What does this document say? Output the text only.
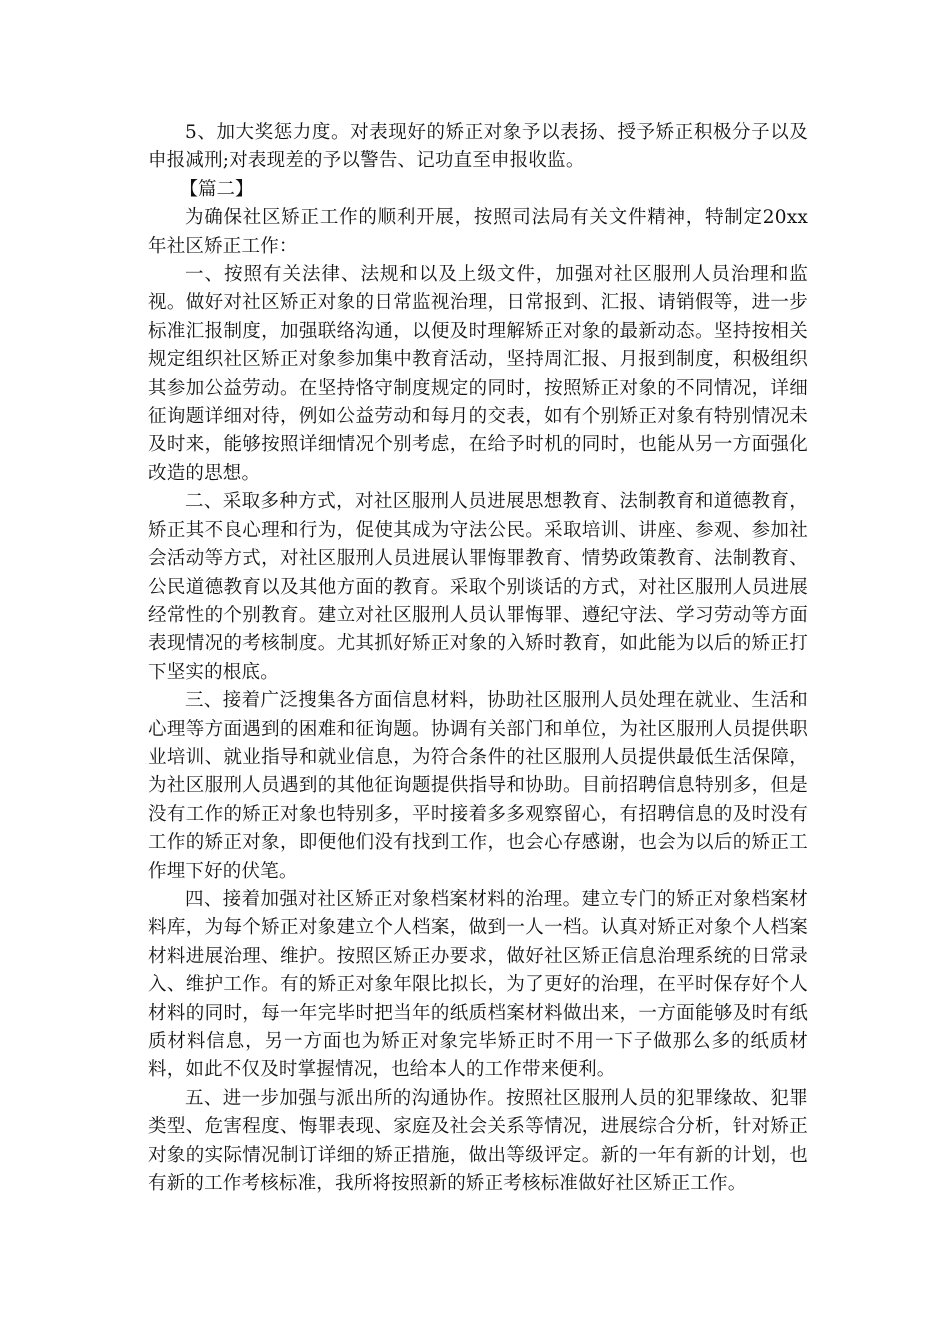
5、加大奖惩力度。对表现好的矫正对象予以表扬、授予矫正积极分子以及申报减刑;对表现差的予以警告、记功直至申报收监。

【篇二】

为确保社区矫正工作的顺利开展，按照司法局有关文件精神，特制定20xx年社区矫正工作：

一、按照有关法律、法规和以及上级文件，加强对社区服刑人员治理和监视。做好对社区矫正对象的日常监视治理，日常报到、汇报、请销假等，进一步标准汇报制度，加强联络沟通，以便及时理解矫正对象的最新动态。坚持按相关规定组织社区矫正对象参加集中教育活动，坚持周汇报、月报到制度，积极组织其参加公益劳动。在坚持恪守制度规定的同时，按照矫正对象的不同情况，详细征询题详细对待，例如公益劳动和每月的交表，如有个别矫正对象有特别情况未及时来，能够按照详细情况个别考虑，在给予时机的同时，也能从另一方面强化改造的思想。

二、采取多种方式，对社区服刑人员进展思想教育、法制教育和道德教育，矫正其不良心理和行为，促使其成为守法公民。采取培训、讲座、参观、参加社会活动等方式，对社区服刑人员进展认罪悔罪教育、情势政策教育、法制教育、公民道德教育以及其他方面的教育。采取个别谈话的方式，对社区服刑人员进展经常性的个别教育。建立对社区服刑人员认罪悔罪、遵纪守法、学习劳动等方面表现情况的考核制度。尤其抓好矫正对象的入矫时教育，如此能为以后的矫正打下坚实的根底。

三、接着广泛搜集各方面信息材料，协助社区服刑人员处理在就业、生活和心理等方面遇到的困难和征询题。协调有关部门和单位，为社区服刑人员提供职业培训、就业指导和就业信息，为符合条件的社区服刑人员提供最低生活保障，为社区服刑人员遇到的其他征询题提供指导和协助。目前招聘信息特别多，但是没有工作的矫正对象也特别多，平时接着多多观察留心，有招聘信息的及时没有工作的矫正对象，即便他们没有找到工作，也会心存感谢，也会为以后的矫正工作埋下好的伏笔。

四、接着加强对社区矫正对象档案材料的治理。建立专门的矫正对象档案材料库，为每个矫正对象建立个人档案，做到一人一档。认真对矫正对象个人档案材料进展治理、维护。按照区矫正办要求，做好社区矫正信息治理系统的日常录入、维护工作。有的矫正对象年限比拟长，为了更好的治理，在平时保存好个人材料的同时，每一年完毕时把当年的纸质档案材料做出来，一方面能够及时有纸质材料信息，另一方面也为矫正对象完毕矫正时不用一下子做那么多的纸质材料，如此不仅及时掌握情况，也给本人的工作带来便利。

五、进一步加强与派出所的沟通协作。按照社区服刑人员的犯罪缘故、犯罪类型、危害程度、悔罪表现、家庭及社会关系等情况，进展综合分析，针对矫正对象的实际情况制订详细的矫正措施，做出等级评定。新的一年有新的计划，也有新的工作考核标准，我所将按照新的矫正考核标准做好社区矫正工作。
